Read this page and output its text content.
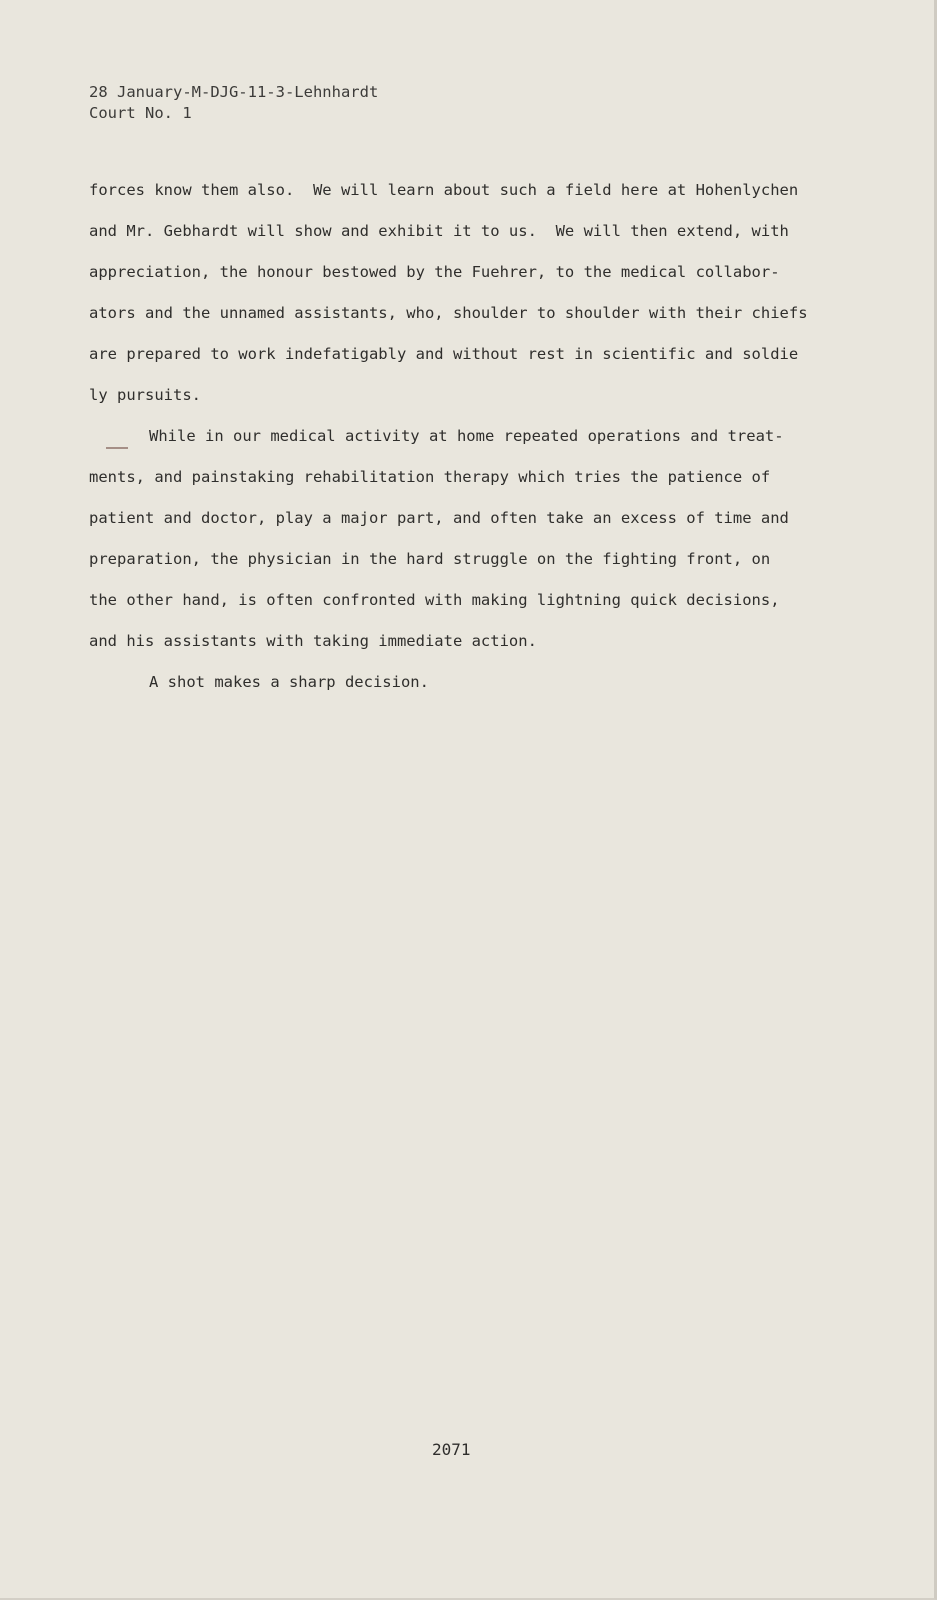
28 January-M-DJG-11-3-Lehnhardt
Court No. 1
forces know them also.  We will learn about such a field here at Hohenlychen
and Mr. Gebhardt will show and exhibit it to us.  We will then extend, with
appreciation, the honour bestowed by the Fuehrer, to the medical collabor-
ators and the unnamed assistants, who, shoulder to shoulder with their chiefs
are prepared to work indefatigably and without rest in scientific and soldie
ly pursuits.
While in our medical activity at home repeated operations and treat-
ments, and painstaking rehabilitation therapy which tries the patience of
patient and doctor, play a major part, and often take an excess of time and
preparation, the physician in the hard struggle on the fighting front, on
the other hand, is often confronted with making lightning quick decisions,
and his assistants with taking immediate action.
A shot makes a sharp decision.
2071
